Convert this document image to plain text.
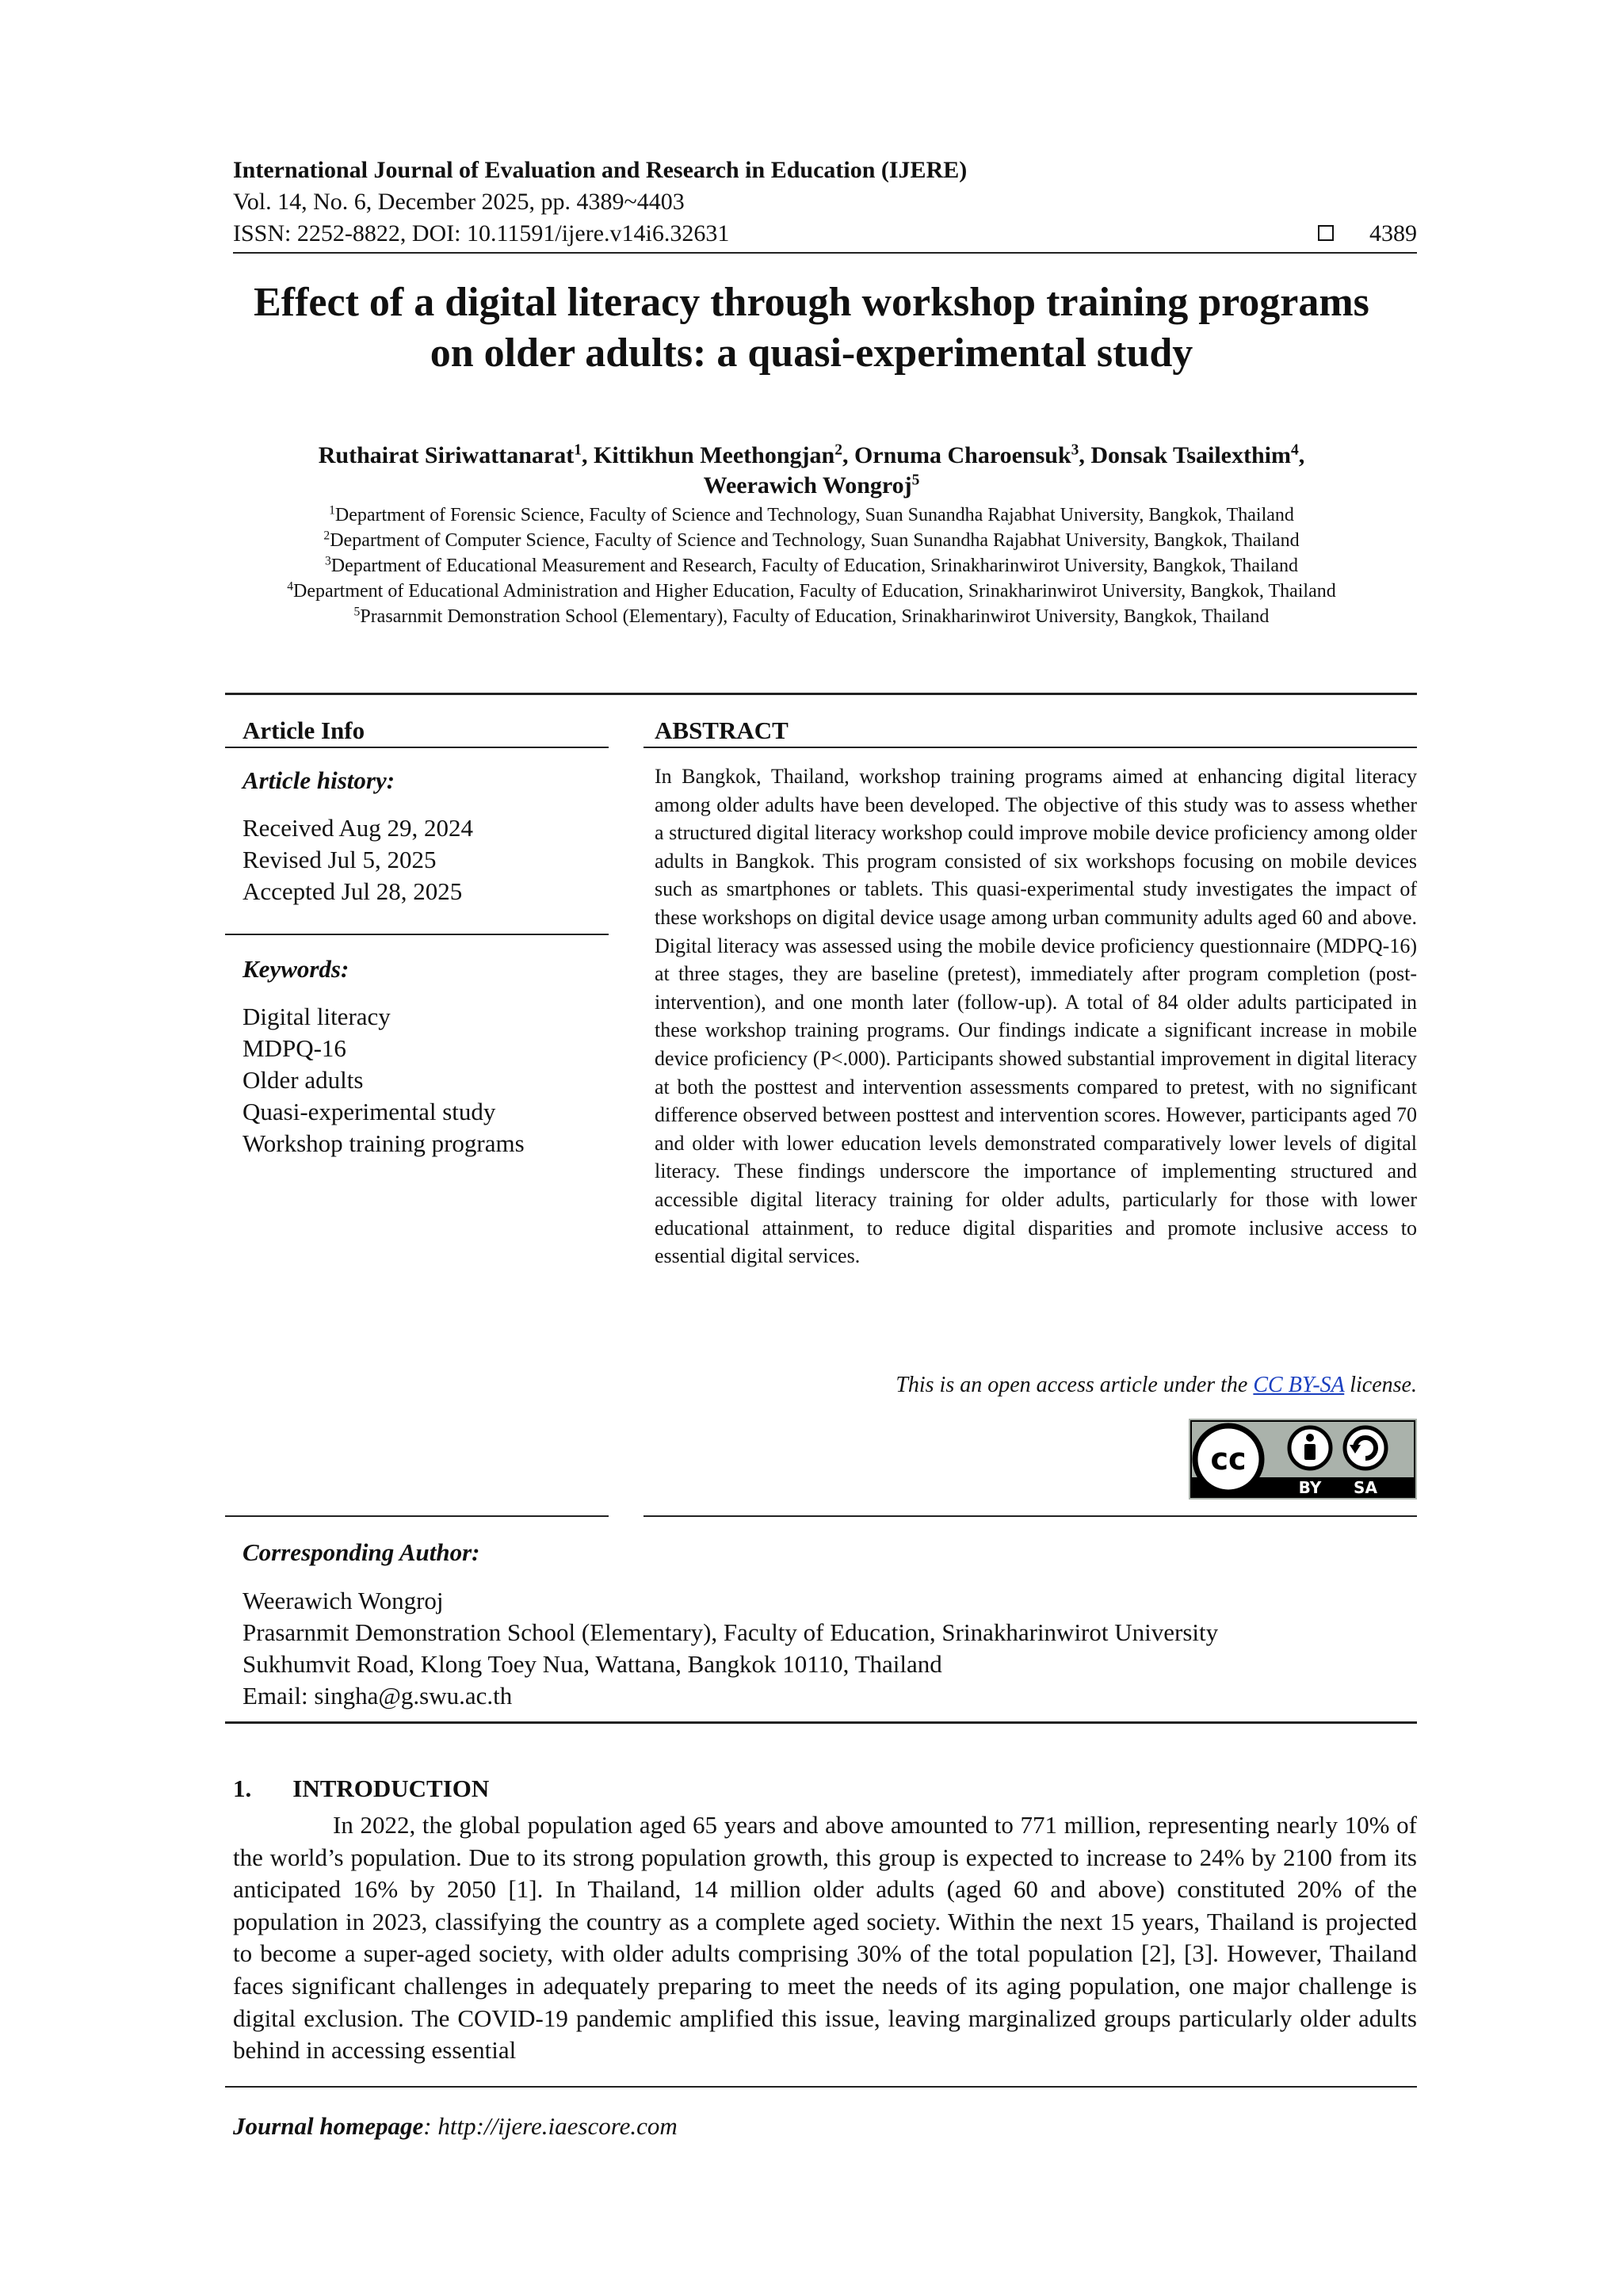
International Journal of Evaluation and Research in Education (IJERE)
Vol. 14, No. 6, December 2025, pp. 4389~4403
ISSN: 2252-8822, DOI: 10.11591/ijere.v14i6.32631	4389
Effect of a digital literacy through workshop training programs
on older adults: a quasi-experimental study
Ruthairat Siriwattanarat$^1$, Kittikhun Meethongjan$^2$, Ornuma Charoensuk$^3$, Donsak Tsailexthim$^4$,
Weerawich Wongroj$^5$
$^1$Department of Forensic Science, Faculty of Science and Technology, Suan Sunandha Rajabhat University, Bangkok, Thailand
$^2$Department of Computer Science, Faculty of Science and Technology, Suan Sunandha Rajabhat University, Bangkok, Thailand
$^3$Department of Educational Measurement and Research, Faculty of Education, Srinakharinwirot University, Bangkok, Thailand
$^4$Department of Educational Administration and Higher Education, Faculty of Education, Srinakharinwirot University, Bangkok, Thailand
$^5$Prasarnmit Demonstration School (Elementary), Faculty of Education, Srinakharinwirot University, Bangkok, Thailand
Article Info
Article history:
Received Aug 29, 2024
Revised Jul 5, 2025
Accepted Jul 28, 2025
Keywords:
Digital literacy
MDPQ-16
Older adults
Quasi-experimental study
Workshop training programs
ABSTRACT
In Bangkok, Thailand, workshop training programs aimed at enhancing digital literacy among older adults have been developed. The objective of this study was to assess whether a structured digital literacy workshop could improve mobile device proficiency among older adults in Bangkok. This program consisted of six workshops focusing on mobile devices such as smartphones or tablets. This quasi-experimental study investigates the impact of these workshops on digital device usage among urban community adults aged 60 and above. Digital literacy was assessed using the mobile device proficiency questionnaire (MDPQ-16) at three stages, they are baseline (pretest), immediately after program completion (post-intervention), and one month later (follow-up). A total of 84 older adults participated in these workshop training programs. Our findings indicate a significant increase in mobile device proficiency (P<.000). Participants showed substantial improvement in digital literacy at both the posttest and intervention assessments compared to pretest, with no significant difference observed between posttest and intervention scores. However, participants aged 70 and older with lower education levels demonstrated comparatively lower levels of digital literacy. These findings underscore the importance of implementing structured and accessible digital literacy training for older adults, particularly for those with lower educational attainment, to reduce digital disparities and promote inclusive access to essential digital services.
This is an open access article under the CC BY-SA license.
cc
BY SA
Corresponding Author:
Weerawich Wongroj
Prasarnmit Demonstration School (Elementary), Faculty of Education, Srinakharinwirot University
Sukhumvit Road, Klong Toey Nua, Wattana, Bangkok 10110, Thailand
Email: singha@g.swu.ac.th
1. INTRODUCTION

In 2022, the global population aged 65 years and above amounted to 771 million, representing nearly 10% of the world’s population. Due to its strong population growth, this group is expected to increase to 24% by 2100 from its anticipated 16% by 2050 [1]. In Thailand, 14 million older adults (aged 60 and above) constituted 20% of the population in 2023, classifying the country as a complete aged society. Within the next 15 years, Thailand is projected to become a super-aged society, with older adults comprising 30% of the total population [2], [3]. However, Thailand faces significant challenges in adequately preparing to meet the needs of its aging population, one major challenge is digital exclusion. The COVID-19 pandemic amplified this issue, leaving marginalized groups particularly older adults behind in accessing essential

Journal homepage: http://ijere.iaescore.com
